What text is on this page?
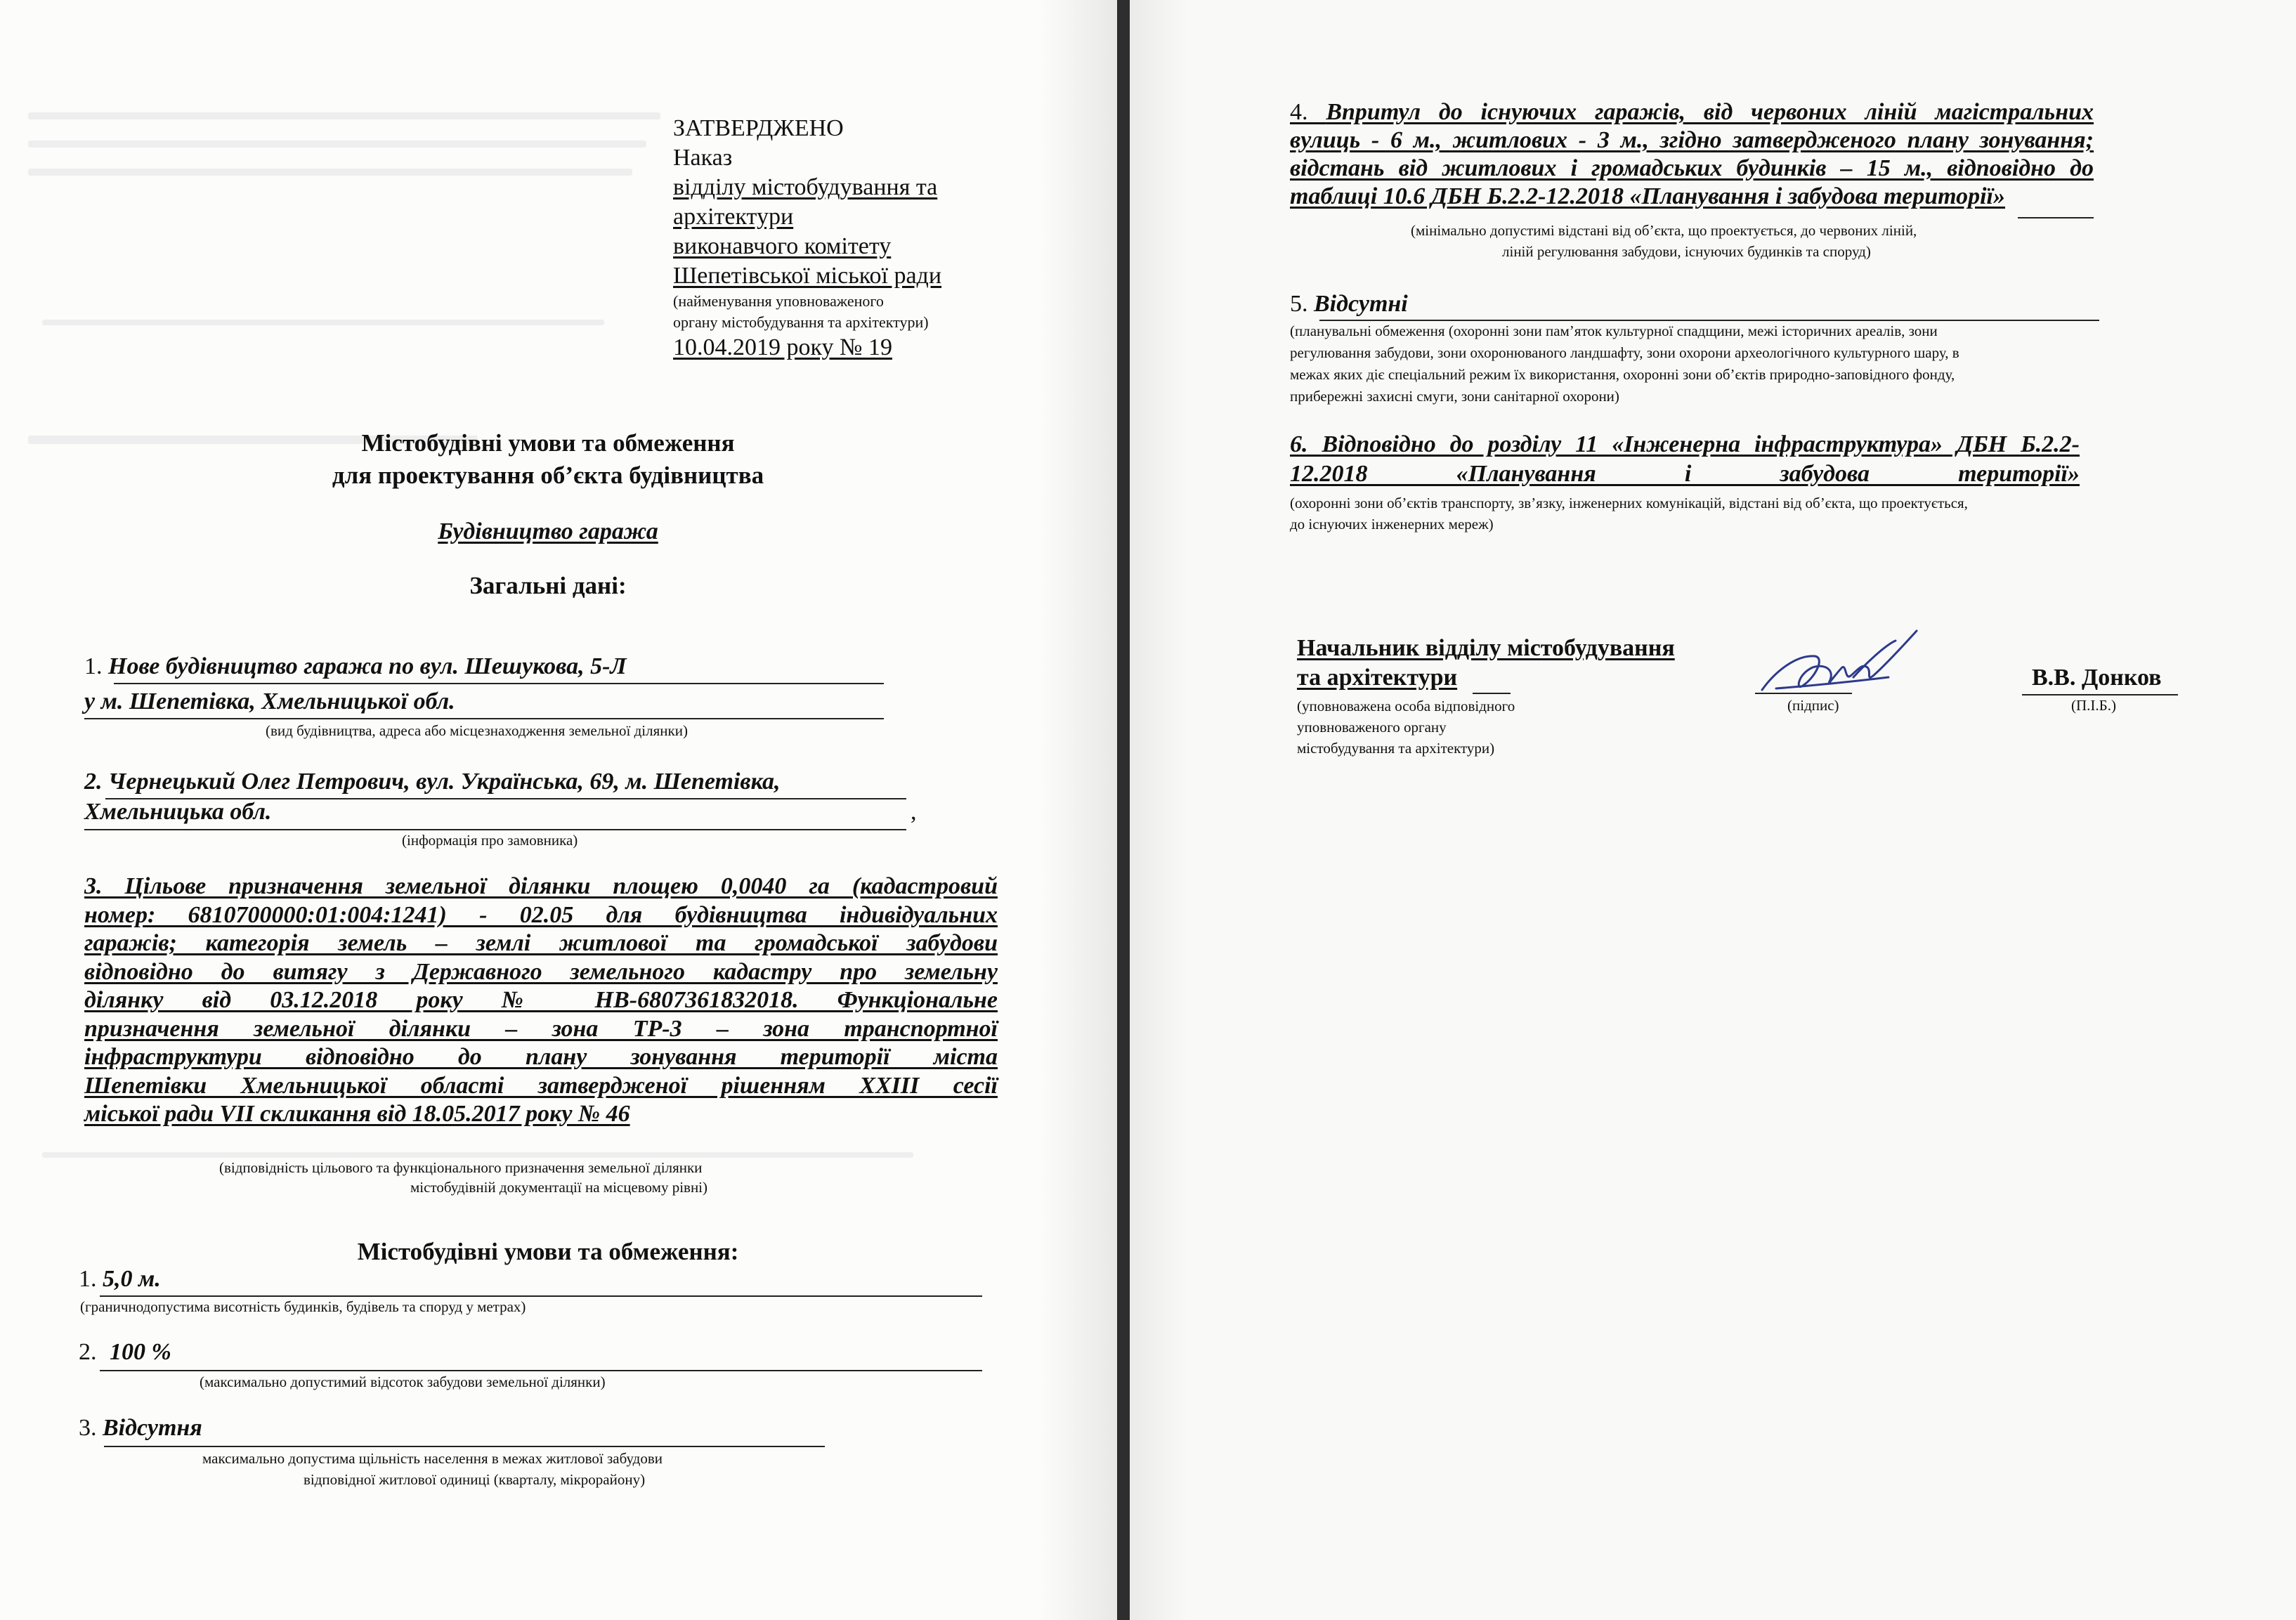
ЗАТВЕРДЖЕНО
Наказ
відділу містобудування та
архітектури
виконавчого комітету
Шепетівської міської ради
(найменування уповноваженого
органу містобудування та архітектури)
10.04.2019 року № 19
Містобудівні умови та обмеження
для проектування об’єкта будівництва
Будівництво гаража
Загальні дані:
1. Нове будівництво гаража по вул. Шешукова, 5-Л
у м. Шепетівка, Хмельницької обл.
(вид будівництва, адреса або місцезнаходження земельної ділянки)
2. Чернецький Олег Петрович, вул. Українська, 69, м. Шепетівка,
Хмельницька обл.	,
(інформація про замовника)
3. Цільове призначення земельної ділянки площею 0,0040 га (кадастровий
номер: 6810700000:01:004:1241) - 02.05 для будівництва індивідуальних
гаражів; категорія земель – землі житлової та громадської забудови
відповідно до витягу з Державного земельного кадастру про земельну
ділянку від 03.12.2018 року № НВ-6807361832018. Функціональне
призначення земельної ділянки – зона ТР-3 – зона транспортної
інфраструктури відповідно до плану зонування території міста
Шепетівки Хмельницької області затвердженої рішенням ХХІІІ сесії
міської ради VІІ скликання від 18.05.2017 року № 46
(відповідність цільового та функціонального призначення земельної ділянки
містобудівній документації на місцевому рівні)
Містобудівні умови та обмеження:
1. 5,0 м.
(граничнодопустима висотність будинків, будівель та споруд у метрах)
2. 100 %
(максимально допустимий відсоток забудови земельної ділянки)
3. Відсутня
максимально допустима щільність населення в межах житлової забудови
відповідної житлової одиниці (кварталу, мікрорайону)
4. Впритул до існуючих гаражів, від червоних ліній магістральних
вулиць - 6 м., житлових - 3 м., згідно затвердженого плану зонування;
відстань від житлових і громадських будинків – 15 м., відповідно до
таблиці 10.6 ДБН Б.2.2-12.2018 «Планування і забудова території»
(мінімально допустимі відстані від об’єкта, що проектується, до червоних ліній,
ліній регулювання забудови, існуючих будинків та споруд)
5. Відсутні
(планувальні обмеження (охоронні зони пам’яток культурної спадщини, межі історичних ареалів, зони
регулювання забудови, зони охоронюваного ландшафту, зони охорони археологічного культурного шару, в
межах яких діє спеціальний режим їх використання, охоронні зони об’єктів природно-заповідного фонду,
прибережні захисні смуги, зони санітарної охорони)
6. Відповідно до розділу 11 «Інженерна інфраструктура» ДБН Б.2.2-
12.2018 «Планування і забудова території»
(охоронні зони об’єктів транспорту, зв’язку, інженерних комунікацій, відстані від об’єкта, що проектується,
до існуючих інженерних мереж)
Начальник відділу містобудування
та архітектури	В.В. Донков
(уповноважена особа відповідного
уповноваженого органу
містобудування та архітектури)
(підпис)	(П.І.Б.)
